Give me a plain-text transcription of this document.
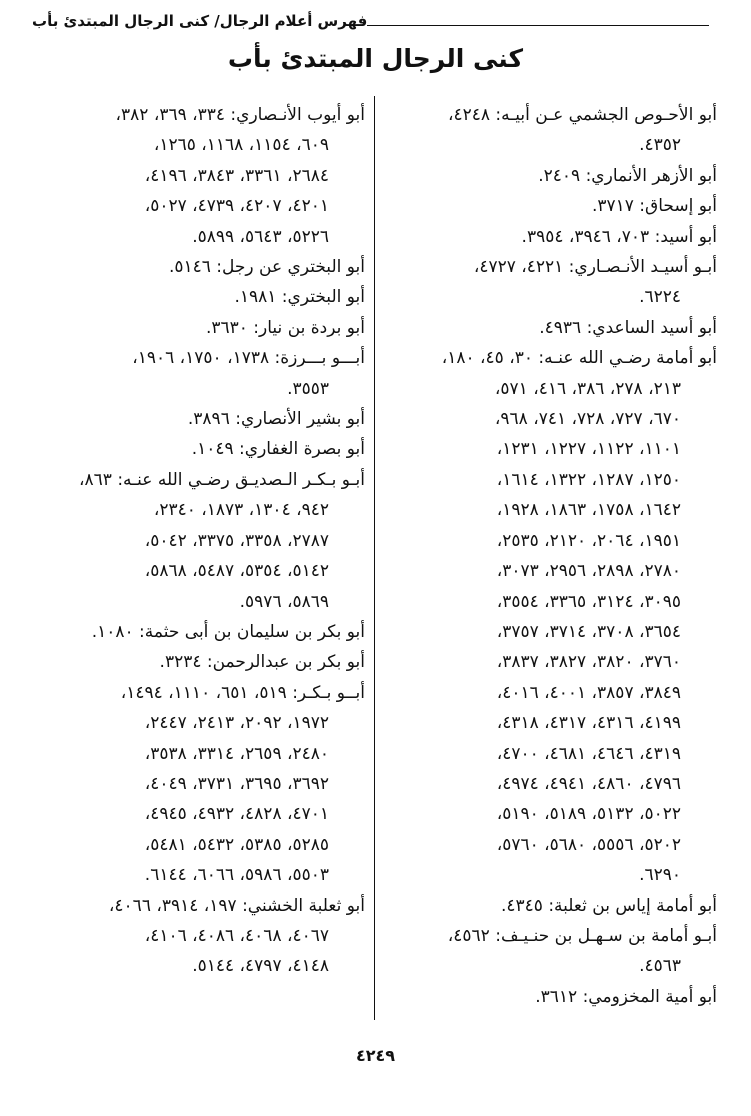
فهرس أعلام الرجال/ كنى الرجال المبتدئ بأب
كنى الرجال المبتدئ بأب

أبو الأحـوص الجشمي عـن أبيـه: ٤٢٤٨،

٤٣٥٢.

أبو الأزهر الأنماري: ٢٤٠٩.

أبو إسحاق: ٣٧١٧.

أبو أسيد: ٧٠٣، ٣٩٤٦، ٣٩٥٤.

أبـو أسيـد الأنـصـاري: ٤٢٢١، ٤٧٢٧،

٦٢٢٤.

أبو أسيد الساعدي: ٤٩٣٦.

أبو أمامة رضـي الله عنـه: ٣٠، ٤٥، ١٨٠،

٢١٣، ٢٧٨، ٣٨٦، ٤١٦، ٥٧١،

٦٧٠، ٧٢٧، ٧٢٨، ٧٤١، ٩٦٨،

١١٠١، ١١٢٢، ١٢٢٧، ١٢٣١،

١٢٥٠، ١٢٨٧، ١٣٢٢، ١٦١٤،

١٦٤٢، ١٧٥٨، ١٨٦٣، ١٩٢٨،

١٩٥١، ٢٠٦٤، ٢١٢٠، ٢٥٣٥،

٢٧٨٠، ٢٨٩٨، ٢٩٥٦، ٣٠٧٣،

٣٠٩٥، ٣١٢٤، ٣٣٦٥، ٣٥٥٤،

٣٦٥٤، ٣٧٠٨، ٣٧١٤، ٣٧٥٧،

٣٧٦٠، ٣٨٢٠، ٣٨٢٧، ٣٨٣٧،

٣٨٤٩، ٣٨٥٧، ٤٠٠١، ٤٠١٦،

٤١٩٩، ٤٣١٦، ٤٣١٧، ٤٣١٨،

٤٣١٩، ٤٦٤٦، ٤٦٨١، ٤٧٠٠،

٤٧٩٦، ٤٨٦٠، ٤٩٤١، ٤٩٧٤،

٥٠٢٢، ٥١٣٢، ٥١٨٩، ٥١٩٠،

٥٢٠٢، ٥٥٥٦، ٥٦٨٠، ٥٧٦٠،

٦٢٩٠.

أبو أمامة إياس بن ثعلبة: ٤٣٤٥.

أبـو أمامة بن سـهـل بن حنـيـف: ٤٥٦٢،

٤٥٦٣.

أبو أمية المخزومي: ٣٦١٢.

أبو أيوب الأنـصاري: ٣٣٤، ٣٦٩، ٣٨٢،

٦٠٩، ١١٥٤، ١١٦٨، ١٢٦٥،

٢٦٨٤، ٣٣٦١، ٣٨٤٣، ٤١٩٦،

٤٢٠١، ٤٢٠٧، ٤٧٣٩، ٥٠٢٧،

٥٢٢٦، ٥٦٤٣، ٥٨٩٩.

أبو البختري عن رجل: ٥١٤٦.

أبو البختري: ١٩٨١.

أبو بردة بن نيار: ٣٦٣٠.

أبـــو بـــرزة: ١٧٣٨، ١٧٥٠، ١٩٠٦،

٣٥٥٣.

أبو بشير الأنصاري: ٣٨٩٦.

أبو بصرة الغفاري: ١٠٤٩.

أبـو بـكـر الـصديـق رضـي الله عنـه: ٨٦٣،

٩٤٢، ١٣٠٤، ١٨٧٣، ٢٣٤٠،

٢٧٨٧، ٣٣٥٨، ٣٣٧٥، ٥٠٤٢،

٥١٤٢، ٥٣٥٤، ٥٤٨٧، ٥٨٦٨،

٥٨٦٩، ٥٩٧٦.

أبو بكر بن سليمان بن أبى حثمة: ١٠٨٠.

أبو بكر بن عبدالرحمن: ٣٢٣٤.

أبــو بـكـر: ٥١٩، ٦٥١، ١١١٠، ١٤٩٤،

١٩٧٢، ٢٠٩٢، ٢٤١٣، ٢٤٤٧،

٢٤٨٠، ٢٦٥٩، ٣٣١٤، ٣٥٣٨،

٣٦٩٢، ٣٦٩٥، ٣٧٣١، ٤٠٤٩،

٤٧٠١، ٤٨٢٨، ٤٩٣٢، ٤٩٤٥،

٥٢٨٥، ٥٣٨٥، ٥٤٣٢، ٥٤٨١،

٥٥٠٣، ٥٩٨٦، ٦٠٦٦، ٦١٤٤.

أبو ثعلبة الخشني: ١٩٧، ٣٩١٤، ٤٠٦٦،

٤٠٦٧، ٤٠٦٨، ٤٠٨٦، ٤١٠٦،

٤١٤٨، ٤٧٩٧، ٥١٤٤.

٤٢٤٩
